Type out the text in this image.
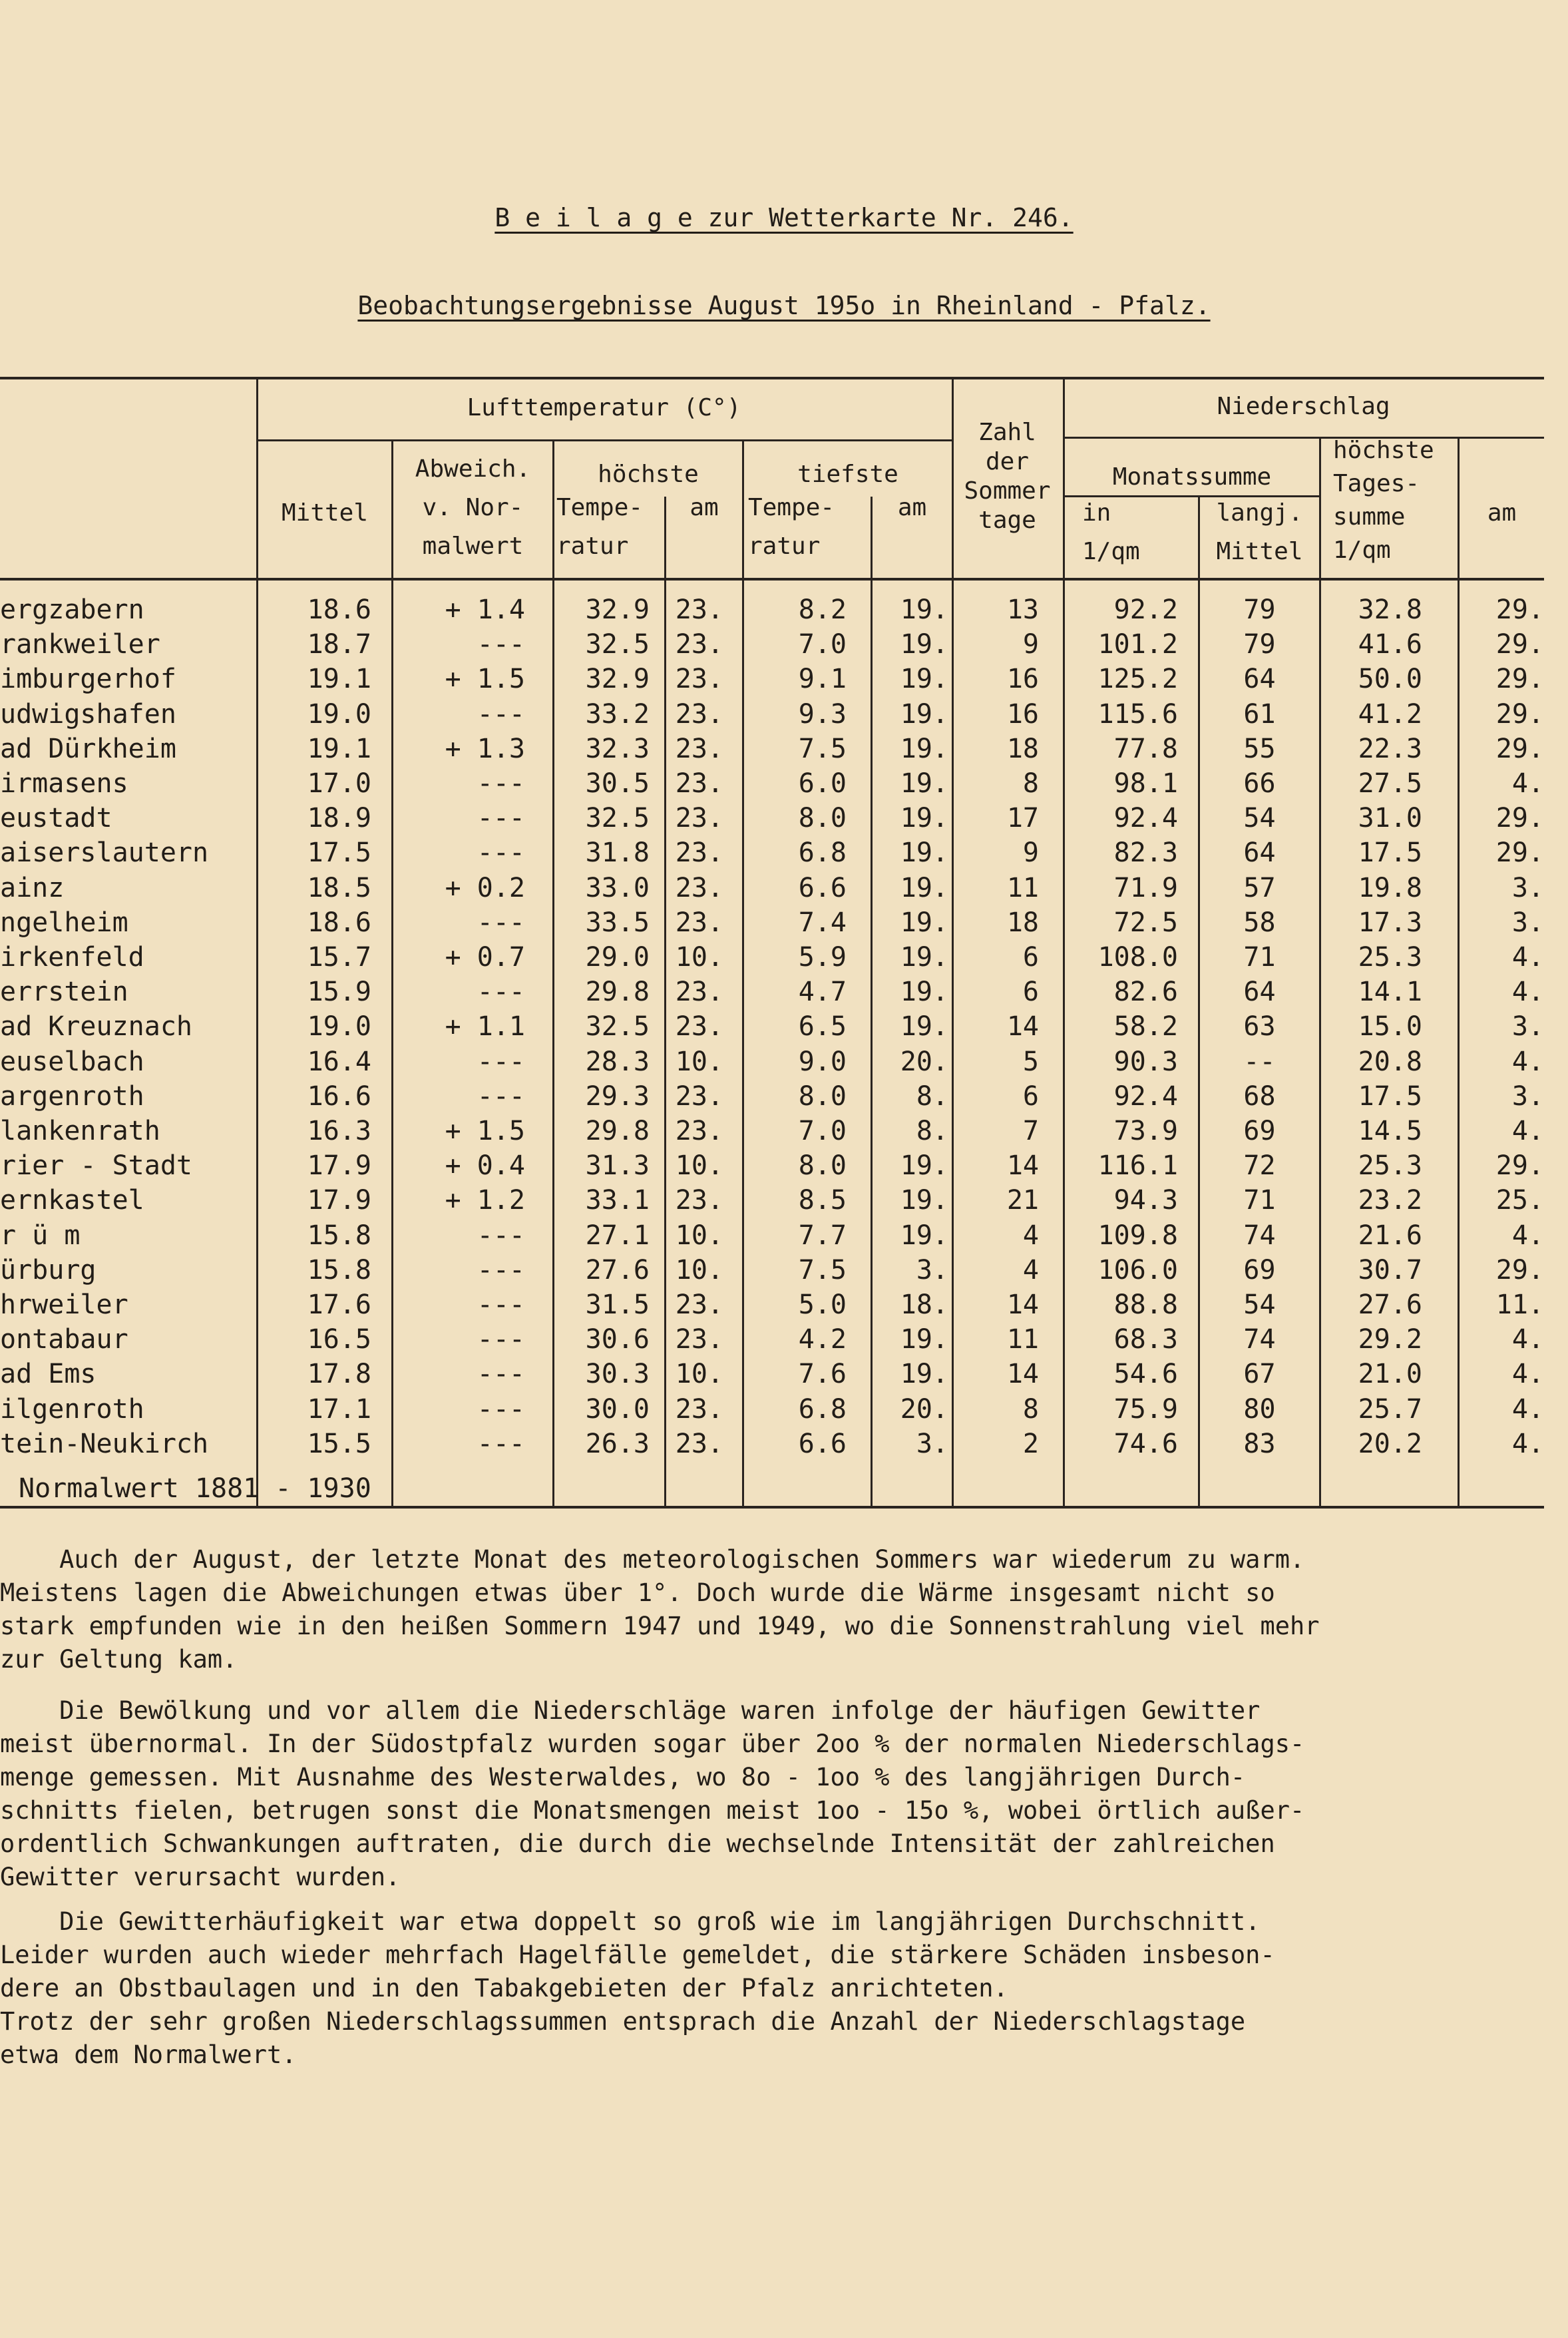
B e i l a g e zur Wetterkarte Nr. 246.
Beobachtungsergebnisse August 195o in Rheinland - Pfalz.
Lufttemperatur (C°)
Zahl
der
Sommer
tage
Niederschlag
Mittel
Abweich.
v. Nor-
malwert
höchste
Tempe-
ratur
am
tiefste
Tempe-
ratur
am
Monatssumme
in
1/qm
langj.
Mittel
höchste
Tages-
summe
1/qm
am
ergzabern	18.6	+ 1.4	32.9 23.	8.2	19.	13	92.2	79	32.8	29.
rankweiler	18.7	---	32.5 23.	7.0	19.	9	101.2	79	41.6	29.
imburgerhof	19.1	+ 1.5	32.9 23.	9.1	19.	16	125.2	64	50.0	29.
udwigshafen	19.0	---	33.2 23.	9.3	19.	16	115.6	61	41.2	29.
ad Dürkheim	19.1	+ 1.3	32.3 23.	7.5	19.	18	77.8	55	22.3	29.
irmasens	17.0	---	30.5 23.	6.0	19.	8	98.1	66	27.5	4.
eustadt	18.9	---	32.5 23.	8.0	19.	17	92.4	54	31.0	29.
aiserslautern	17.5	---	31.8 23.	6.8	19.	9	82.3	64	17.5	29.
ainz	18.5	+ 0.2	33.0 23.	6.6	19.	11	71.9	57	19.8	3.
ngelheim	18.6	---	33.5 23.	7.4	19.	18	72.5	58	17.3	3.
irkenfeld	15.7	+ 0.7	29.0 10.	5.9	19.	6	108.0	71	25.3	4.
errstein	15.9	---	29.8 23.	4.7	19.	6	82.6	64	14.1	4.
ad Kreuznach	19.0	+ 1.1	32.5 23.	6.5	19.	14	58.2	63	15.0	3.
euselbach	16.4	---	28.3 10.	9.0	20.	5	90.3	--	20.8	4.
argenroth	16.6	---	29.3 23.	8.0	8.	6	92.4	68	17.5	3.
lankenrath	16.3	+ 1.5	29.8 23.	7.0	8.	7	73.9	69	14.5	4.
rier - Stadt	17.9	+ 0.4	31.3 10.	8.0	19.	14	116.1	72	25.3	29.
ernkastel	17.9	+ 1.2	33.1 23.	8.5	19.	21	94.3	71	23.2	25.
r ü m	15.8	---	27.1 10.	7.7	19.	4	109.8	74	21.6	4.
ürburg	15.8	---	27.6 10.	7.5	3.	4	106.0	69	30.7	29.
hrweiler	17.6	---	31.5 23.	5.0	18.	14	88.8	54	27.6	11.
ontabaur	16.5	---	30.6 23.	4.2	19.	11	68.3	74	29.2	4.
ad Ems	17.8	---	30.3 10.	7.6	19.	14	54.6	67	21.0	4.
ilgenroth	17.1	---	30.0 23.	6.8	20.	8	75.9	80	25.7	4.
tein-Neukirch	15.5	---	26.3 23.	6.6	3.	2	74.6	83	20.2	4.

Normalwert 1881 - 1930

Auch der August, der letzte Monat des meteorologischen Sommers war wiederum zu warm.
Meistens lagen die Abweichungen etwas über 1°. Doch wurde die Wärme insgesamt nicht so
stark empfunden wie in den heißen Sommern 1947 und 1949, wo die Sonnenstrahlung viel mehr
zur Geltung kam.
Die Bewölkung und vor allem die Niederschläge waren infolge der häufigen Gewitter
meist übernormal. In der Südostpfalz wurden sogar über 2oo % der normalen Niederschlags-
menge gemessen. Mit Ausnahme des Westerwaldes, wo 8o - 1oo % des langjährigen Durch-
schnitts fielen, betrugen sonst die Monatsmengen meist 1oo - 15o %, wobei örtlich außer-
ordentlich Schwankungen auftraten, die durch die wechselnde Intensität der zahlreichen
Gewitter verursacht wurden.
Die Gewitterhäufigkeit war etwa doppelt so groß wie im langjährigen Durchschnitt.
Leider wurden auch wieder mehrfach Hagelfälle gemeldet, die stärkere Schäden insbeson-
dere an Obstbaulagen und in den Tabakgebieten der Pfalz anrichteten.
Trotz der sehr großen Niederschlagssummen entsprach die Anzahl der Niederschlagstage
etwa dem Normalwert.
